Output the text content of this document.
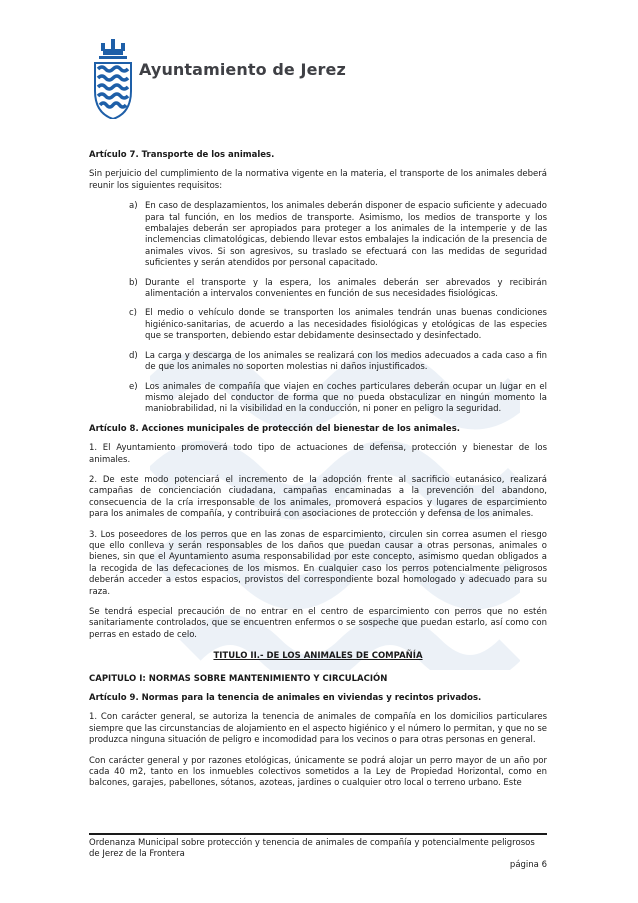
Ayuntamiento de Jerez
Artículo 7. Transporte de los animales.

Sin perjuicio del cumplimiento de la normativa vigente en la materia, el transporte de los animales deberá reunir los siguientes requisitos:

a) En caso de desplazamientos, los animales deberán disponer de espacio suficiente y adecuado para tal función, en los medios de transporte. Asimismo, los medios de transporte y los embalajes deberán ser apropiados para proteger a los animales de la intemperie y de las inclemencias climatológicas, debiendo llevar estos embalajes la indicación de la presencia de animales vivos. Si son agresivos, su traslado se efectuará con las medidas de seguridad suficientes y serán atendidos por personal capacitado.
b) Durante el transporte y la espera, los animales deberán ser abrevados y recibirán alimentación a intervalos convenientes en función de sus necesidades fisiológicas.
c) El medio o vehículo donde se transporten los animales tendrán unas buenas condiciones higiénico-sanitarias, de acuerdo a las necesidades fisiológicas y etológicas de las especies que se transporten, debiendo estar debidamente desinsectado y desinfectado.
d) La carga y descarga de los animales se realizará con los medios adecuados a cada caso a fin de que los animales no soporten molestias ni daños injustificados.
e) Los animales de compañía que viajen en coches particulares deberán ocupar un lugar en el mismo alejado del conductor de forma que no pueda obstaculizar en ningún momento la maniobrabilidad, ni la visibilidad en la conducción, ni poner en peligro la seguridad.
Artículo 8. Acciones municipales de protección del bienestar de los animales.

1. El Ayuntamiento promoverá todo tipo de actuaciones de defensa, protección y bienestar de los animales.

2. De este modo potenciará el incremento de la adopción frente al sacrificio eutanásico, realizará campañas de concienciación ciudadana, campañas encaminadas a la prevención del abandono, consecuencia de la cría irresponsable de los animales, promoverá espacios y lugares de esparcimiento para los animales de compañía, y contribuirá con asociaciones de protección y defensa de los animales.

3. Los poseedores de los perros que en las zonas de esparcimiento, circulen sin correa asumen el riesgo que ello conlleva y serán responsables de los daños que puedan causar a otras personas, animales o bienes, sin que el Ayuntamiento asuma responsabilidad por este concepto, asimismo quedan obligados a la recogida de las defecaciones de los mismos. En cualquier caso los perros potencialmente peligrosos deberán acceder a estos espacios, provistos del correspondiente bozal homologado y adecuado para su raza.

Se tendrá especial precaución de no entrar en el centro de esparcimiento con perros que no estén sanitariamente controlados, que se encuentren enfermos o se sospeche que puedan estarlo, así como con perras en estado de celo.

TITULO II.- DE LOS ANIMALES DE COMPAÑÍA
CAPITULO I: NORMAS SOBRE MANTENIMIENTO Y CIRCULACIÓN
Artículo 9. Normas para la tenencia de animales en viviendas y recintos privados.

1. Con carácter general, se autoriza la tenencia de animales de compañía en los domicilios particulares siempre que las circunstancias de alojamiento en el aspecto higiénico y el número lo permitan, y que no se produzca ninguna situación de peligro e incomodidad para los vecinos o para otras personas en general.

Con carácter general y por razones etológicas, únicamente se podrá alojar un perro mayor de un año por cada 40 m2, tanto en los inmuebles colectivos sometidos a la Ley de Propiedad Horizontal, como en balcones, garajes, pabellones, sótanos, azoteas, jardines o cualquier otro local o terreno urbano. Este

Ordenanza Municipal sobre protección y tenencia de animales de compañía y potencialmente peligrosos
de Jerez de la Frontera
página 6
